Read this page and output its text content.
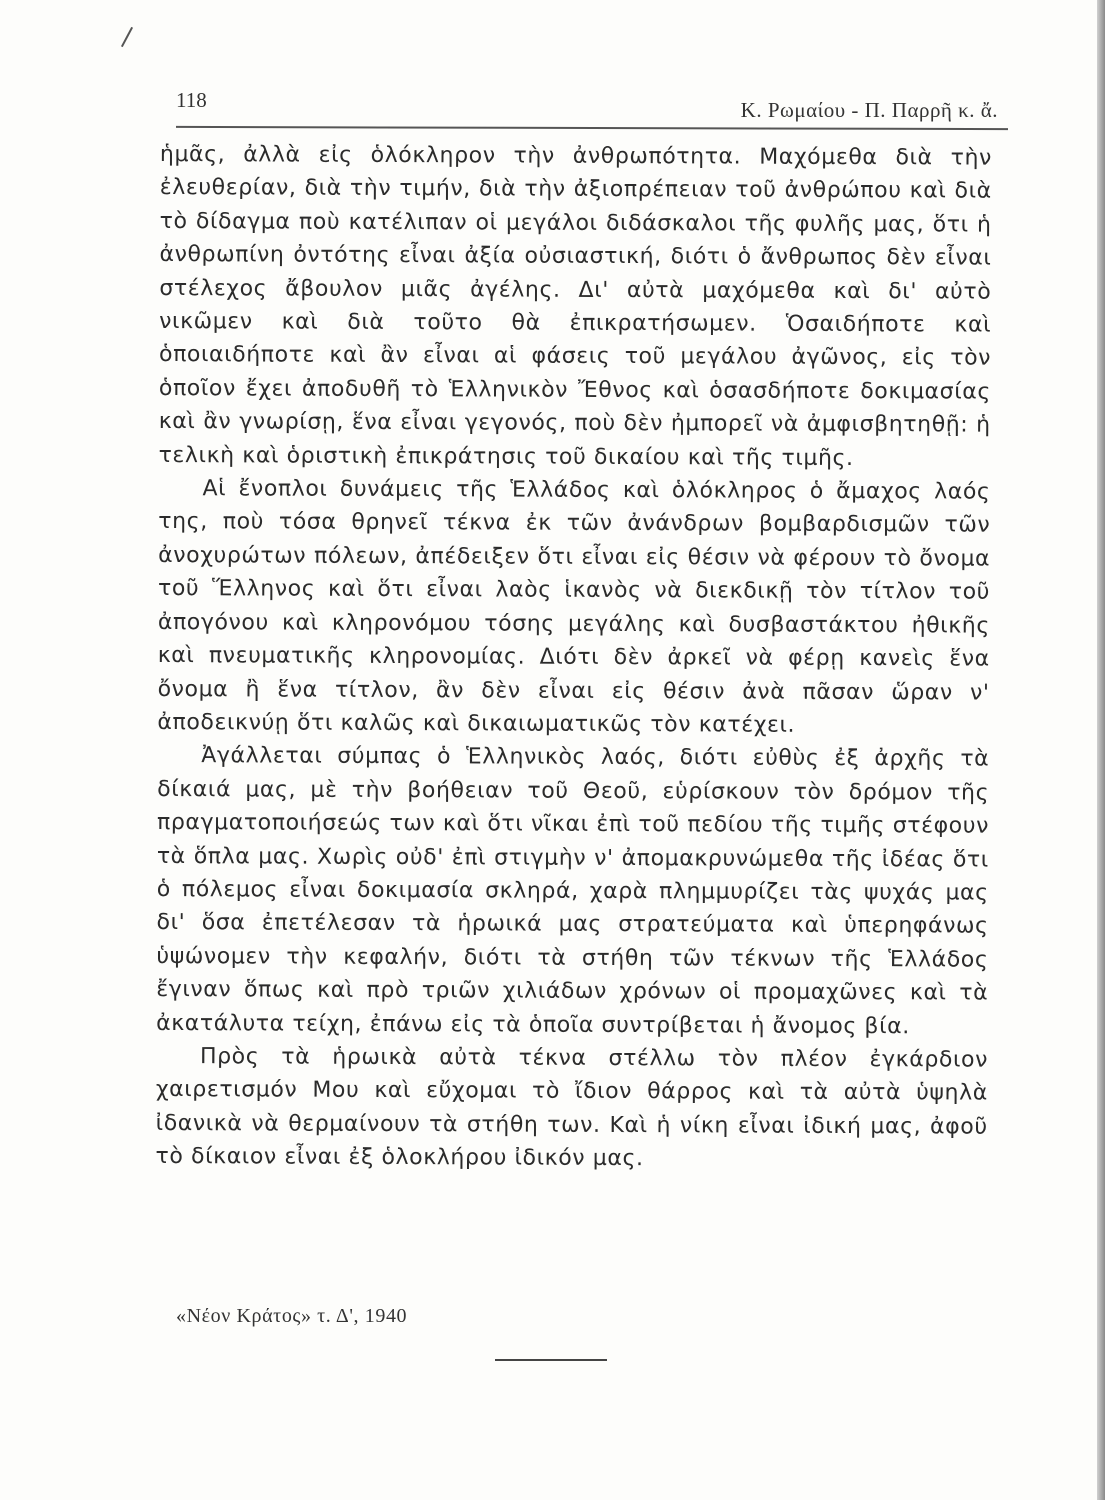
118	Κ. Ρωμαίου - Π. Παρρῆ κ. ἄ.

ἡμᾶς, ἀλλὰ εἰς ὁλόκληρον τὴν ἀνθρωπότητα. Μαχόμεθα διὰ τὴν ἐλευθερίαν, διὰ τὴν τιμήν, διὰ τὴν ἀξιοπρέπειαν τοῦ ἀνθρώπου καὶ διὰ τὸ δίδαγμα ποὺ κατέλιπαν οἱ μεγάλοι διδάσκαλοι τῆς φυλῆς μας, ὅτι ἡ ἀνθρωπίνη ὀντότης εἶναι ἀξία οὐσιαστική, διότι ὁ ἄνθρωπος δὲν εἶναι στέλεχος ἄβουλον μιᾶς ἀγέλης. Δι' αὐτὰ μαχόμεθα καὶ δι' αὐτὸ νικῶμεν καὶ διὰ τοῦτο θὰ ἐπικρατήσωμεν. Ὁσαιδήποτε καὶ ὁποιαιδήποτε καὶ ἂν εἶναι αἱ φάσεις τοῦ μεγάλου ἀγῶνος, εἰς τὸν ὁποῖον ἔχει ἀποδυθῆ τὸ Ἑλληνικὸν Ἔθνος καὶ ὁσασδήποτε δοκιμασίας καὶ ἂν γνωρίσῃ, ἕνα εἶναι γεγονός, ποὺ δὲν ἠμπορεῖ νὰ ἀμφισβητηθῇ: ἡ τελικὴ καὶ ὁριστικὴ ἐπικράτησις τοῦ δικαίου καὶ τῆς τιμῆς.

Αἱ ἔνοπλοι δυνάμεις τῆς Ἑλλάδος καὶ ὁλόκληρος ὁ ἄμαχος λαός της, ποὺ τόσα θρηνεῖ τέκνα ἐκ τῶν ἀνάνδρων βομβαρδισμῶν τῶν ἀνοχυρώτων πόλεων, ἀπέδειξεν ὅτι εἶναι εἰς θέσιν νὰ φέρουν τὸ ὄνομα τοῦ Ἕλληνος καὶ ὅτι εἶναι λαὸς ἱκανὸς νὰ διεκδικῇ τὸν τίτλον τοῦ ἀπογόνου καὶ κληρονόμου τόσης μεγάλης καὶ δυσβαστάκτου ἠθικῆς καὶ πνευματικῆς κληρονομίας. Διότι δὲν ἀρκεῖ νὰ φέρῃ κανεὶς ἕνα ὄνομα ἢ ἕνα τίτλον, ἂν δὲν εἶναι εἰς θέσιν ἀνὰ πᾶσαν ὥραν ν' ἀποδεικνύῃ ὅτι καλῶς καὶ δικαιωματικῶς τὸν κατέχει.

Ἀγάλλεται σύμπας ὁ Ἑλληνικὸς λαός, διότι εὐθὺς ἐξ ἀρχῆς τὰ δίκαιά μας, μὲ τὴν βοήθειαν τοῦ Θεοῦ, εὑρίσκουν τὸν δρόμον τῆς πραγματοποιήσεώς των καὶ ὅτι νῖκαι ἐπὶ τοῦ πεδίου τῆς τιμῆς στέφουν τὰ ὅπλα μας. Χωρὶς οὐδ' ἐπὶ στιγμὴν ν' ἀπομακρυνώμεθα τῆς ἰδέας ὅτι ὁ πόλεμος εἶναι δοκιμασία σκληρά, χαρὰ πλημμυρίζει τὰς ψυχάς μας δι' ὅσα ἐπετέλεσαν τὰ ἡρωικά μας στρατεύματα καὶ ὑπερηφάνως ὑψώνομεν τὴν κεφαλήν, διότι τὰ στήθη τῶν τέκνων τῆς Ἑλλάδος ἔγιναν ὅπως καὶ πρὸ τριῶν χιλιάδων χρόνων οἱ προμαχῶνες καὶ τὰ ἀκατάλυτα τείχη, ἐπάνω εἰς τὰ ὁποῖα συντρίβεται ἡ ἄνομος βία.

Πρὸς τὰ ἡρωικὰ αὐτὰ τέκνα στέλλω τὸν πλέον ἐγκάρδιον χαιρετισμόν Μου καὶ εὔχομαι τὸ ἴδιον θάρρος καὶ τὰ αὐτὰ ὑψηλὰ ἰδανικὰ νὰ θερμαίνουν τὰ στήθη των. Καὶ ἡ νίκη εἶναι ἰδική μας, ἀφοῦ τὸ δίκαιον εἶναι ἐξ ὁλοκλήρου ἰδικόν μας.

«Νέον Κράτος» τ. Δ', 1940
